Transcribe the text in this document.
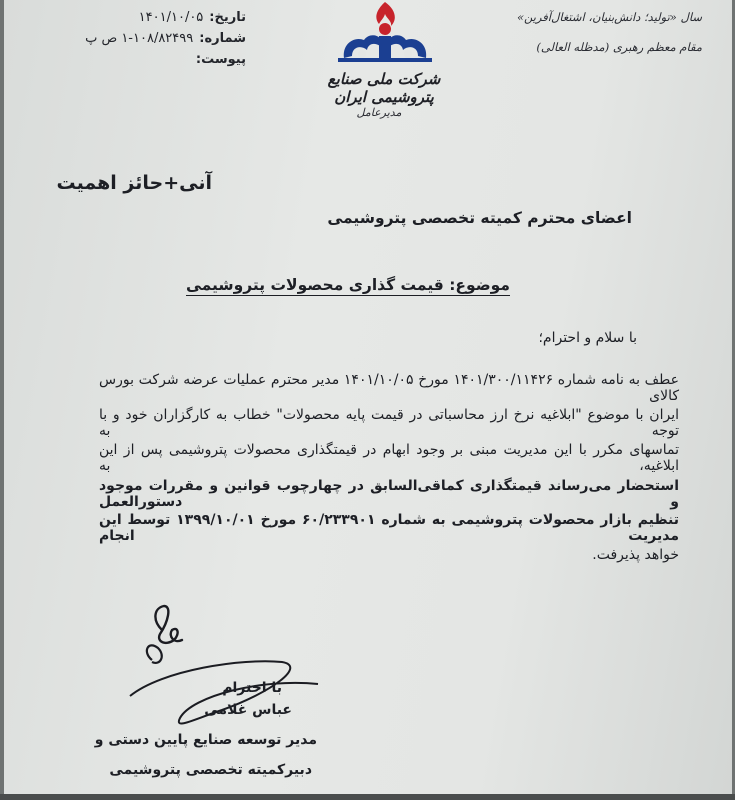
تاریخ:
۱۴۰۱/۱۰/۰۵
شماره:
۱-۱۰۸/۸۲۴۹۹ ص پ
پیوست:
سال «تولید؛ دانش‌بنیان، اشتغال‌آفرین»
مقام معظم رهبری (مدظله العالی)
شرکت ملی صنایع پتروشیمی ایران
مدیرعامل
آنی+حائز اهمیت
اعضای محترم کمیته تخصصی پتروشیمی
موضوع: قیمت گذاری محصولات پتروشیمی
با سلام و احترام؛
عطف به نامه شماره ۱۴۰۱/۳۰۰/۱۱۴۲۶ مورخ ۱۴۰۱/۱۰/۰۵ مدیر محترم عملیات عرضه شرکت بورس کالای
ایران با موضوع "ابلاغیه نرخ ارز محاسباتی در قیمت پایه محصولات" خطاب به کارگزاران خود و با توجه به
تماسهای مکرر با این مدیریت مبنی بر وجود ابهام در قیمتگذاری محصولات پتروشیمی پس از این ابلاغیه، به
استحضار می‌رساند قیمتگذاری کماقی‌السابق در چهارچوب قوانین و مقررات موجود و دستورالعمل
تنظیم بازار محصولات پتروشیمی به شماره ۶۰/۲۳۳۹۰۱ مورخ ۱۳۹۹/۱۰/۰۱ توسط این مدیریت انجام
خواهد پذیرفت.
با احترام
عباس غلامی
مدیر توسعه صنایع پایین دستی و
دبیرکمیته تخصصی پتروشیمی
